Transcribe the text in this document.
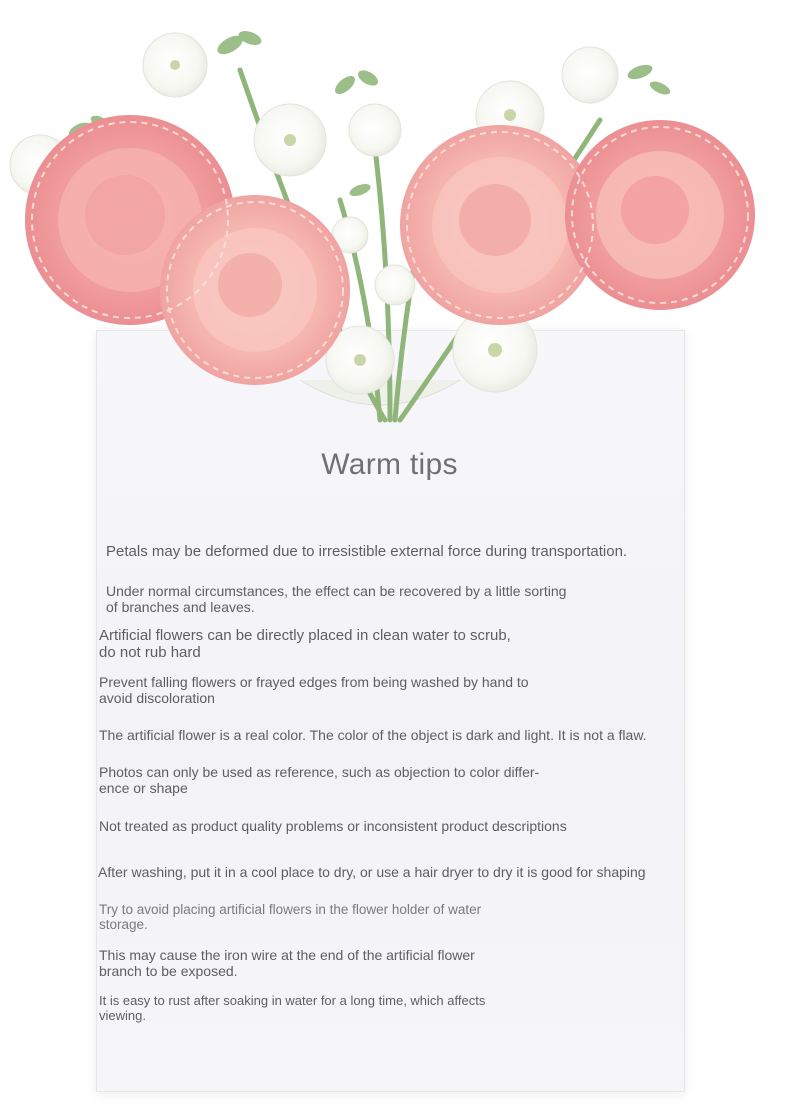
Warm tips

Petals may be deformed due to irresistible external force during transportation.

Under normal circumstances, the effect can be recovered by a little sorting
of branches and leaves.

Artificial flowers can be directly placed in clean water to scrub,
do not rub hard

Prevent falling flowers or frayed edges from being washed by hand to
avoid discoloration

The artificial flower is a real color. The color of the object is dark and light. It is not a flaw.

Photos can only be used as reference, such as objection to color differ-
ence or shape

Not treated as product quality problems or inconsistent product descriptions

After washing, put it in a cool place to dry, or use a hair dryer to dry it is good for shaping

Try to avoid placing artificial flowers in the flower holder of water
storage.

This may cause the iron wire at the end of the artificial flower
branch to be exposed.

It is easy to rust after soaking in water for a long time, which affects
viewing.
